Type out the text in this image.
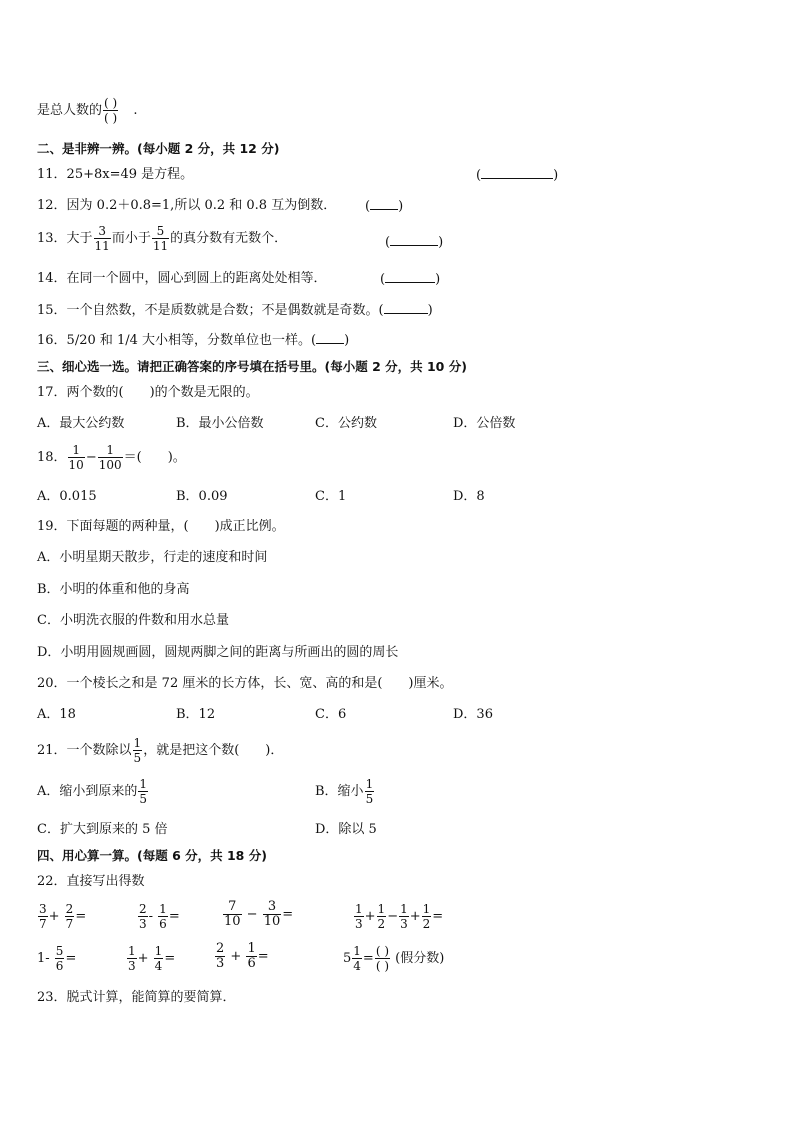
是总人数的 ( )
( ) .
二、是非辨一辨。(每小题 2 分，共 12 分)
11．25+8x=49 是方程。	(	)
12．因为 0.2＋0.8=1,所以 0.2 和 0.8 互为倒数． ( )
13．大于 $\frac{3}{11}$ 而小于 $\frac{5}{11}$ 的真分数有无数个．	(	)
14．在同一个圆中，圆心到圆上的距离处处相等．	(	)
15．一个自然数，不是质数就是合数；不是偶数就是奇数。(	)
16．5/20 和 1/4 大小相等，分数单位也一样。( )
三、细心选一选。请把正确答案的序号填在括号里。(每小题 2 分，共 10 分)
17．两个数的(　　)的个数是无限的。
A．最大公约数	B．最小公倍数	C．公约数	D．公倍数
18． $\frac{1}{10} - \frac{1}{100}$ ＝(　　)。
A．0.015	B．0.09	C．1	D．8
19．下面每题的两种量，(　　)成正比例。
A．小明星期天散步，行走的速度和时间
B．小明的体重和他的身高
C．小明洗衣服的件数和用水总量
D．小明用圆规画圆，圆规两脚之间的距离与所画出的圆的周长
20．一个棱长之和是 72 厘米的长方体，长、宽、高的和是(　　)厘米。
A．18	B．12	C．6	D．36
21．一个数除以 $\frac{1}{5}$ ，就是把这个数(　　)．
A．缩小到原来的 $\frac{1}{5}$	B．缩小 $\frac{1}{5}$
C．扩大到原来的 5 倍	D．除以 5
四、用心算一算。(每题 6 分，共 18 分)
22．直接写出得数
$\frac{3}{7} + \frac{2}{7}$ =	$\frac{2}{3} - \frac{1}{6}$ =	$\frac{7}{10} - \frac{3}{10}$ =	$\frac{1}{3} + \frac{1}{2} - \frac{1}{3} + \frac{1}{2}$ =
$1- \frac{5}{6}$ =	$\frac{1}{3} + \frac{1}{4}$ =	$\frac{2}{3} + \frac{1}{6}$ =	$5 \frac{1}{4}$ = ( )
( ) (假分数)
23．脱式计算，能简算的要简算．
